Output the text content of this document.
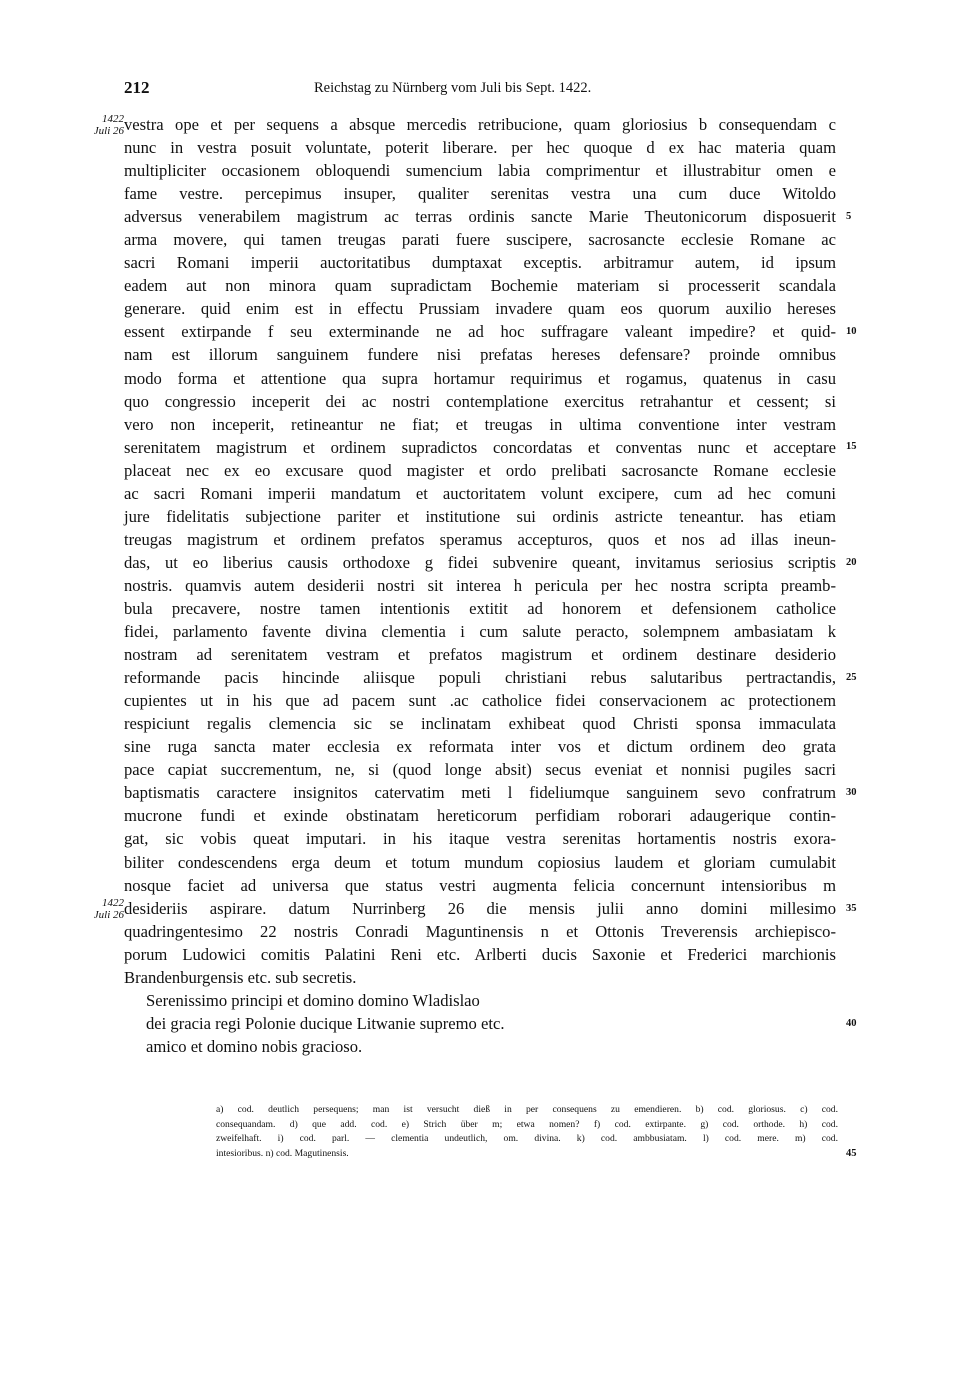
212	Reichstag zu Nürnberg vom Juli bis Sept. 1422.
1422
Juli 26
1422
Juli 26
vestra ope et per sequens a absque mercedis retribucione, quam gloriosius b consequendam c
nunc in vestra posuit voluntate, poterit liberare. per hec quoque d ex hac materia quam
multipliciter occasionem obloquendi sumencium labia comprimentur et illustrabitur omen e
fame vestre. percepimus insuper, qualiter serenitas vestra una cum duce Witoldo
adversus venerabilem magistrum ac terras ordinis sancte Marie Theutonicorum disposuerit
arma movere, qui tamen treugas parati fuere suscipere, sacrosancte ecclesie Romane ac
sacri Romani imperii auctoritatibus dumptaxat exceptis. arbitramur autem, id ipsum
eadem aut non minora quam supradictam Bochemie materiam si processerit scandala
generare. quid enim est in effectu Prussiam invadere quam eos quorum auxilio hereses
essent extirpande f seu exterminande ne ad hoc suffragare valeant impedire? et quid-
nam est illorum sanguinem fundere nisi prefatas hereses defensare? proinde omnibus
modo forma et attentione qua supra hortamur requirimus et rogamus, quatenus in casu
quo congressio inceperit dei ac nostri contemplatione exercitus retrahantur et cessent; si
vero non inceperit, retineantur ne fiat; et treugas in ultima conventione inter vestram
serenitatem magistrum et ordinem supradictos concordatas et conventas nunc et acceptare
placeat nec ex eo excusare quod magister et ordo prelibati sacrosancte Romane ecclesie
ac sacri Romani imperii mandatum et auctoritatem volunt excipere, cum ad hec comuni
jure fidelitatis subjectione pariter et institutione sui ordinis astricte teneantur. has etiam
treugas magistrum et ordinem prefatos speramus accepturos, quos et nos ad illas ineun-
das, ut eo liberius causis orthodoxe g fidei subvenire queant, invitamus seriosius scriptis
nostris. quamvis autem desiderii nostri sit interea h pericula per hec nostra scripta preamb-
bula precavere, nostre tamen intentionis extitit ad honorem et defensionem catholice
fidei, parlamento favente divina clementia i cum salute peracto, solempnem ambasiatam k
nostram ad serenitatem vestram et prefatos magistrum et ordinem destinare desiderio
reformande pacis hincinde aliisque populi christiani rebus salutaribus pertractandis,
cupientes ut in his que ad pacem sunt .ac catholice fidei conservacionem ac protectionem
respiciunt regalis clemencia sic se inclinatam exhibeat quod Christi sponsa immaculata
sine ruga sancta mater ecclesia ex reformata inter vos et dictum ordinem deo grata
pace capiat succrementum, ne, si (quod longe absit) secus eveniat et nonnisi pugiles sacri
baptismatis caractere insignitos catervatim meti l fideliumque sanguinem sevo confratrum
mucrone fundi et exinde obstinatam hereticorum perfidiam roborari adaugerique contin-
gat, sic vobis queat imputari. in his itaque vestra serenitas hortamentis nostris exora-
biliter condescendens erga deum et totum mundum copiosius laudem et gloriam cumulabit
nosque faciet ad universa que status vestri augmenta felicia concernunt intensioribus m
desideriis aspirare. datum Nurrinberg 26 die mensis julii anno domini millesimo
quadringentesimo 22 nostris Conradi Maguntinensis n et Ottonis Treverensis archiepisco-
porum Ludowici comitis Palatini Reni etc. Arlberti ducis Saxonie et Frederici marchionis
Brandenburgensis etc. sub secretis.
Serenissimo principi et domino domino Wladislao
dei gracia regi Polonie ducique Litwanie supremo etc.
amico et domino nobis gracioso.
5
10
15
20
25
30
35
40
45
a) cod. deutlich persequens; man ist versucht dieß in per consequens zu emendieren. b) cod. gloriosus. c) cod.
consequandam. d) que add. cod. e) Strich über m; etwa nomen? f) cod. extirpante. g) cod. orthode. h) cod.
zweifelhaft. i) cod. parl. — clementia undeutlich, om. divina. k) cod. ambbusiatam. l) cod. mere. m) cod.
intesioribus. n) cod. Magutinensis.
